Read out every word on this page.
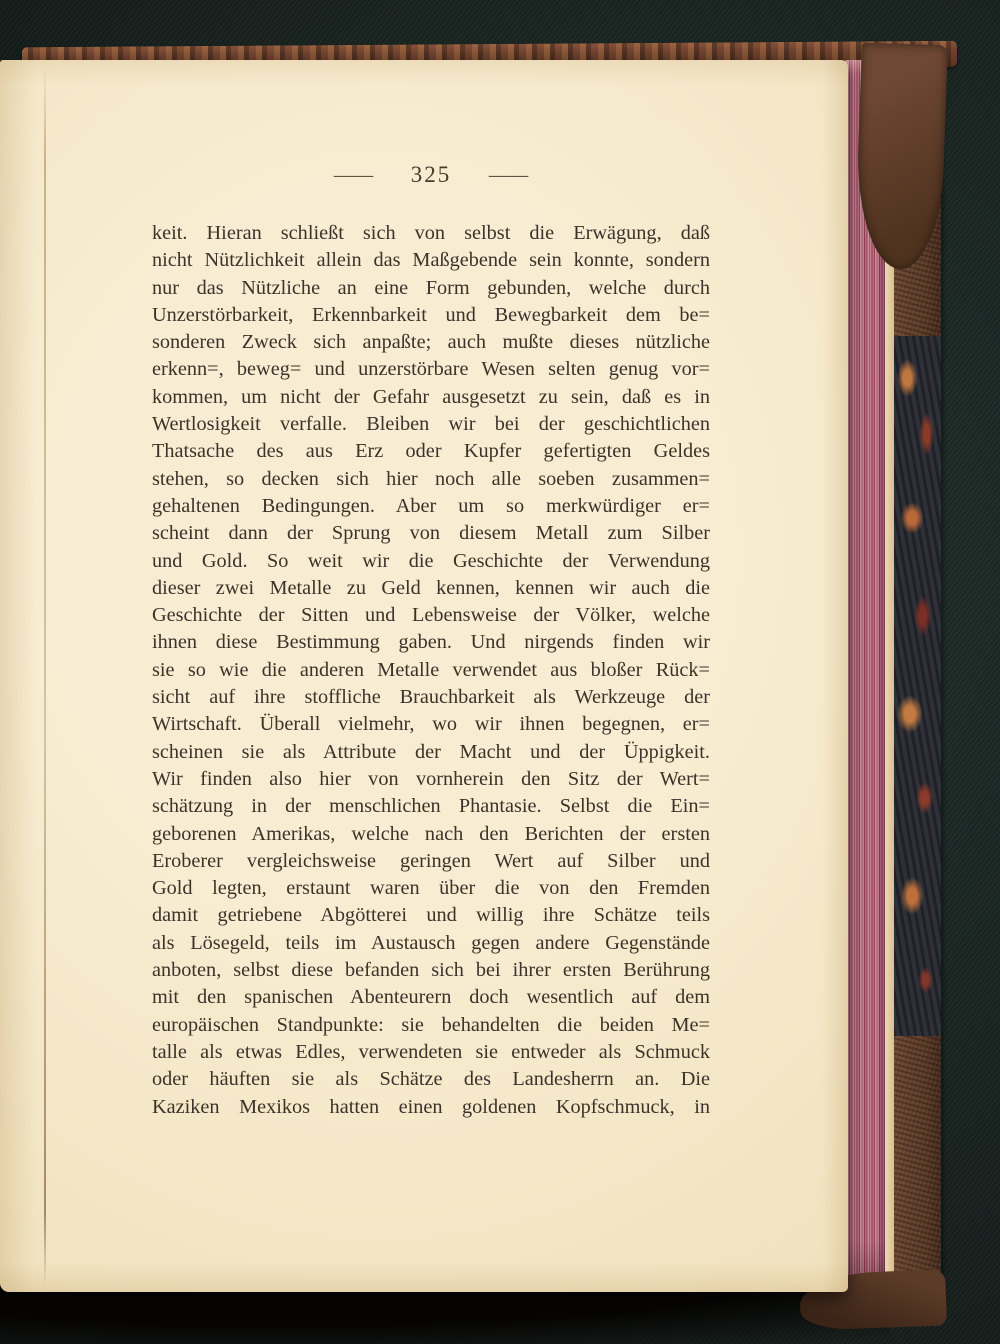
— 325 —
keit. Hieran schließt sich von selbst die Erwägung, daß
nicht Nützlichkeit allein das Maßgebende sein konnte, sondern
nur das Nützliche an eine Form gebunden, welche durch
Unzerstörbarkeit, Erkennbarkeit und Bewegbarkeit dem be=
sonderen Zweck sich anpaßte; auch mußte dieses nützliche
erkenn=, beweg= und unzerstörbare Wesen selten genug vor=
kommen, um nicht der Gefahr ausgesetzt zu sein, daß es in
Wertlosigkeit verfalle. Bleiben wir bei der geschichtlichen
Thatsache des aus Erz oder Kupfer gefertigten Geldes
stehen, so decken sich hier noch alle soeben zusammen=
gehaltenen Bedingungen. Aber um so merkwürdiger er=
scheint dann der Sprung von diesem Metall zum Silber
und Gold. So weit wir die Geschichte der Verwendung
dieser zwei Metalle zu Geld kennen, kennen wir auch die
Geschichte der Sitten und Lebensweise der Völker, welche
ihnen diese Bestimmung gaben. Und nirgends finden wir
sie so wie die anderen Metalle verwendet aus bloßer Rück=
sicht auf ihre stoffliche Brauchbarkeit als Werkzeuge der
Wirtschaft. Überall vielmehr, wo wir ihnen begegnen, er=
scheinen sie als Attribute der Macht und der Üppigkeit.
Wir finden also hier von vornherein den Sitz der Wert=
schätzung in der menschlichen Phantasie. Selbst die Ein=
geborenen Amerikas, welche nach den Berichten der ersten
Eroberer vergleichsweise geringen Wert auf Silber und
Gold legten, erstaunt waren über die von den Fremden
damit getriebene Abgötterei und willig ihre Schätze teils
als Lösegeld, teils im Austausch gegen andere Gegenstände
anboten, selbst diese befanden sich bei ihrer ersten Berührung
mit den spanischen Abenteurern doch wesentlich auf dem
europäischen Standpunkte: sie behandelten die beiden Me=
talle als etwas Edles, verwendeten sie entweder als Schmuck
oder häuften sie als Schätze des Landesherrn an. Die
Kaziken Mexikos hatten einen goldenen Kopfschmuck, in
